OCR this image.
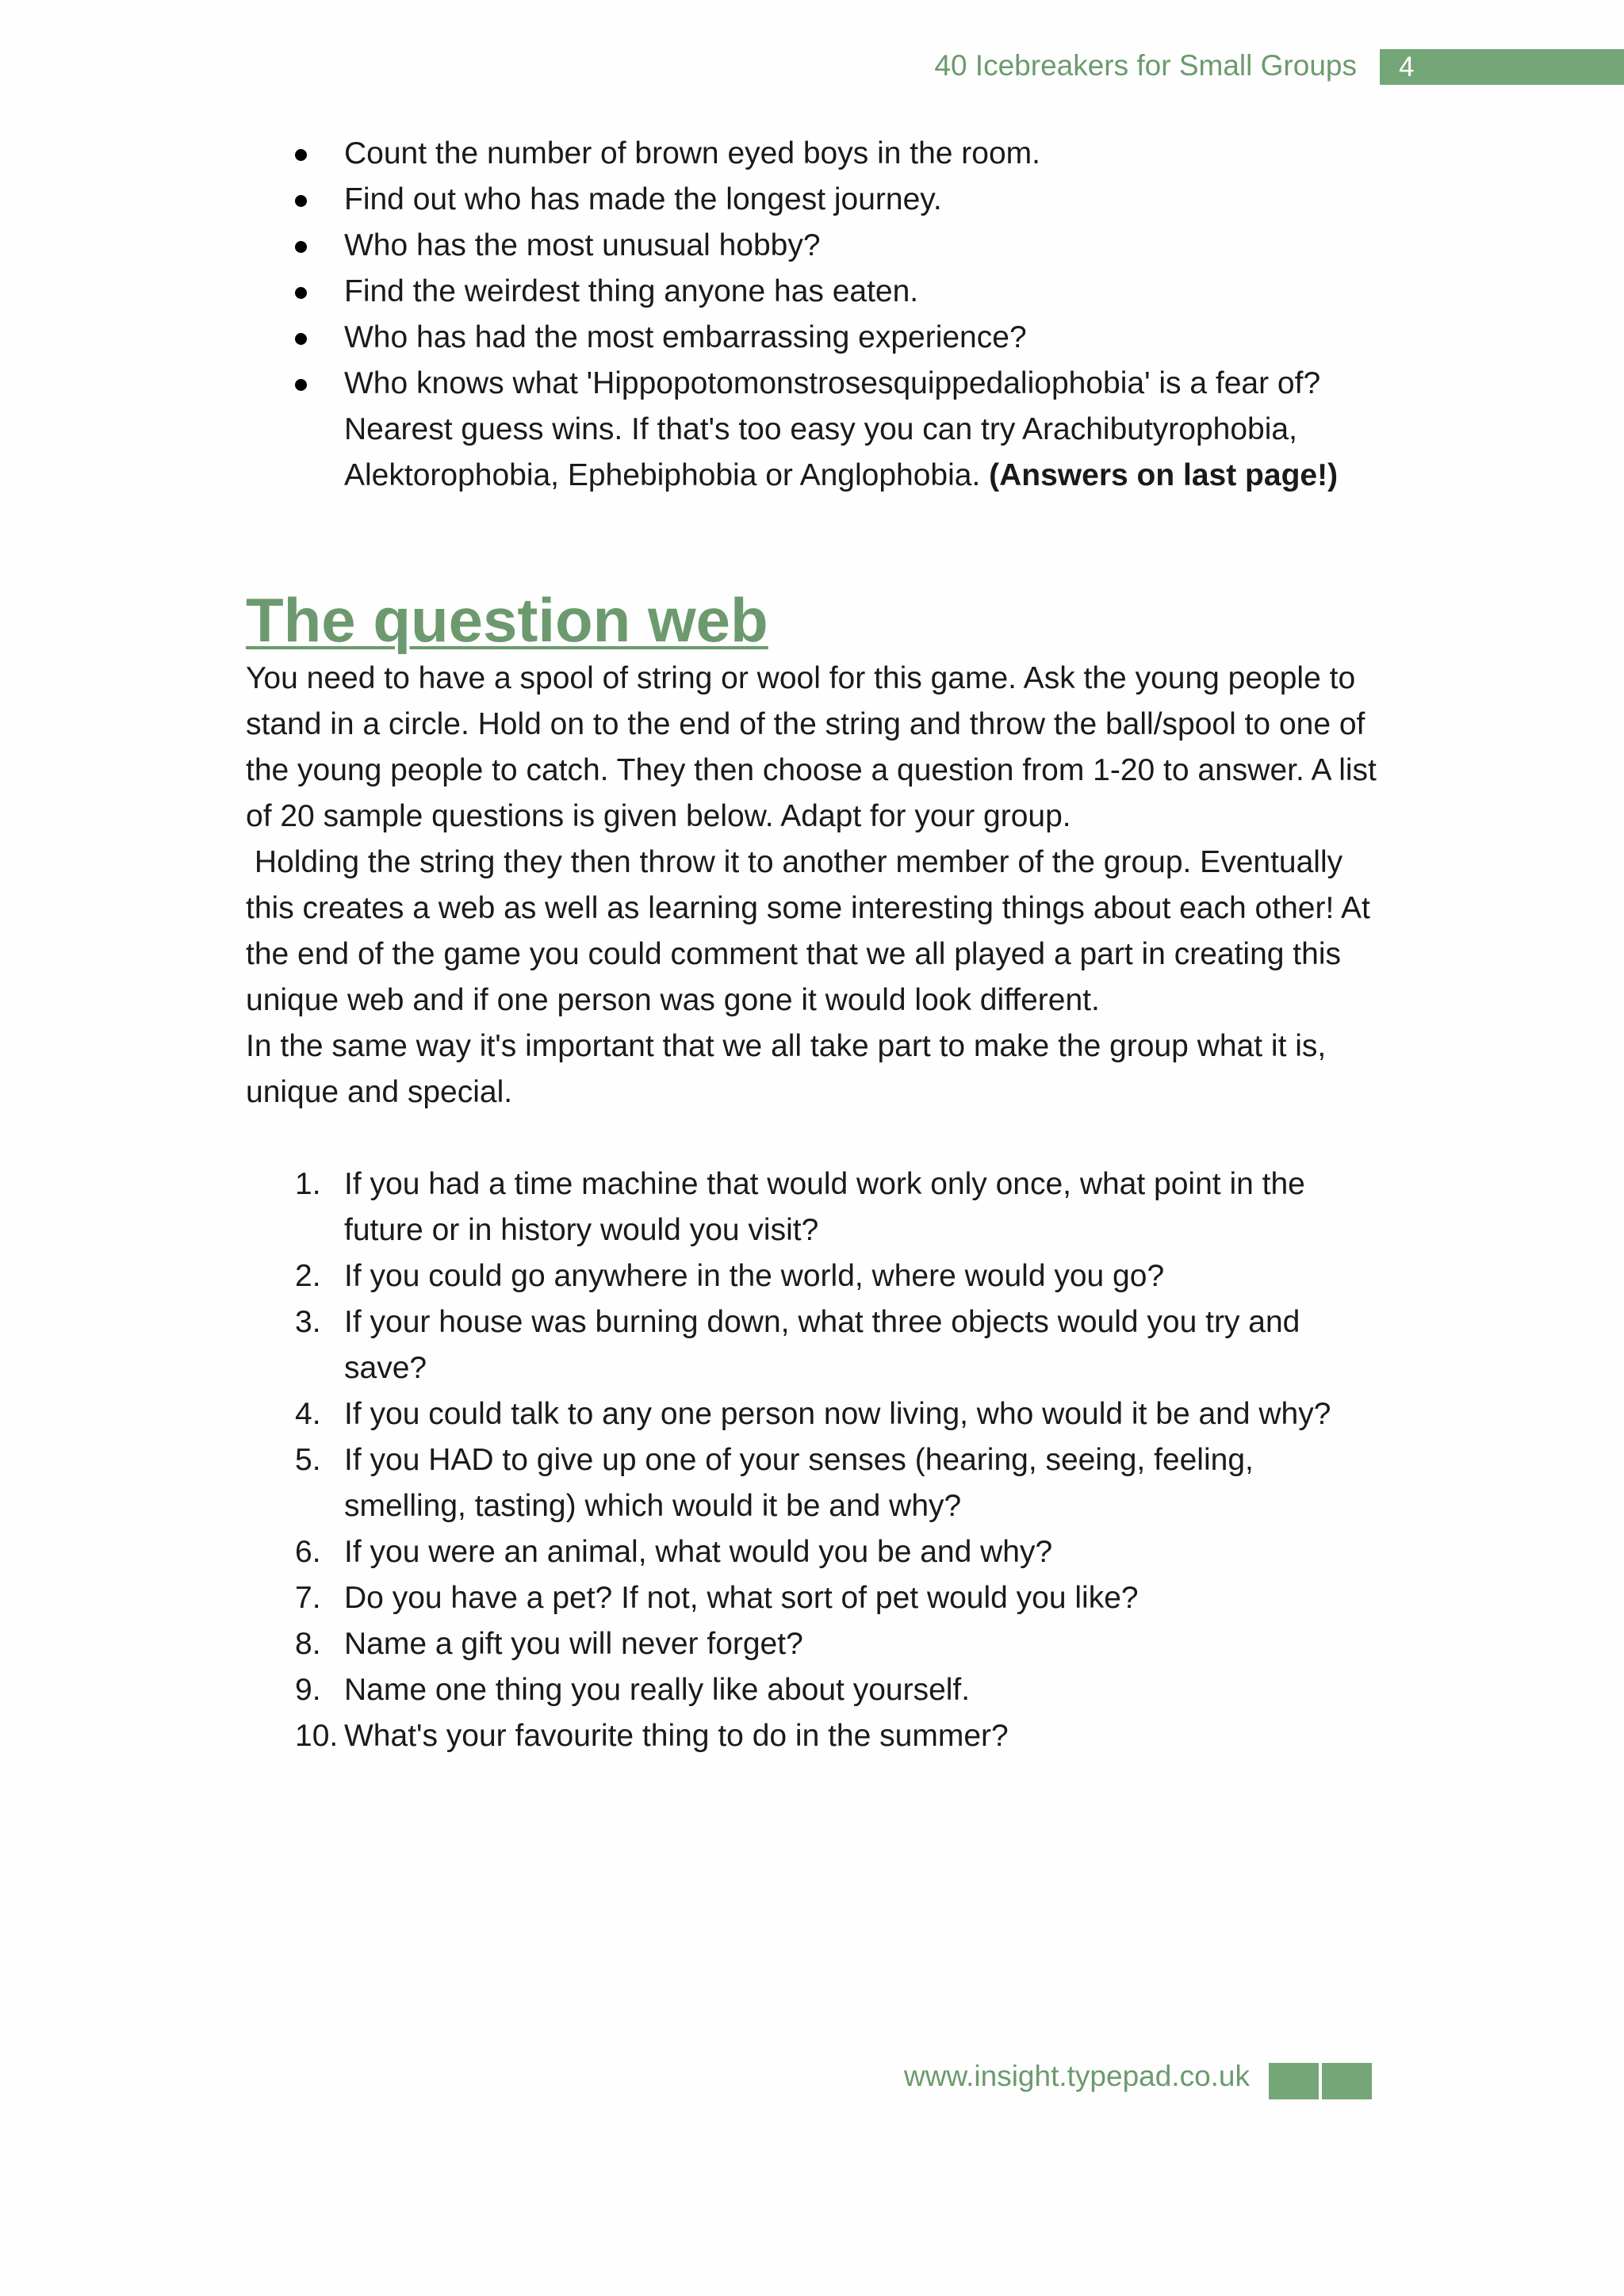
40 Icebreakers for Small Groups 4
Count the number of brown eyed boys in the room.
Find out who has made the longest journey.
Who has the most unusual hobby?
Find the weirdest thing anyone has eaten.
Who has had the most embarrassing experience?
Who knows what 'Hippopotomonstrosesquippedaliophobia' is a fear of? Nearest guess wins. If that's too easy you can try Arachibutyrophobia, Alektorophobia, Ephebiphobia or Anglophobia. (Answers on last page!)
The question web

You need to have a spool of string or wool for this game. Ask the young people to stand in a circle. Hold on to the end of the string and throw the ball/spool to one of the young people to catch. They then choose a question from 1-20 to answer. A list of 20 sample questions is given below. Adapt for your group.

Holding the string they then throw it to another member of the group. Eventually this creates a web as well as learning some interesting things about each other! At the end of the game you could comment that we all played a part in creating this unique web and if one person was gone it would look different.

In the same way it's important that we all take part to make the group what it is, unique and special.

1. If you had a time machine that would work only once, what point in the future or in history would you visit?
2. If you could go anywhere in the world, where would you go?
3. If your house was burning down, what three objects would you try and save?
4. If you could talk to any one person now living, who would it be and why?
5. If you HAD to give up one of your senses (hearing, seeing, feeling, smelling, tasting) which would it be and why?
6. If you were an animal, what would you be and why?
7. Do you have a pet? If not, what sort of pet would you like?
8. Name a gift you will never forget?
9. Name one thing you really like about yourself.
10. What's your favourite thing to do in the summer?
www.insight.typepad.co.uk
